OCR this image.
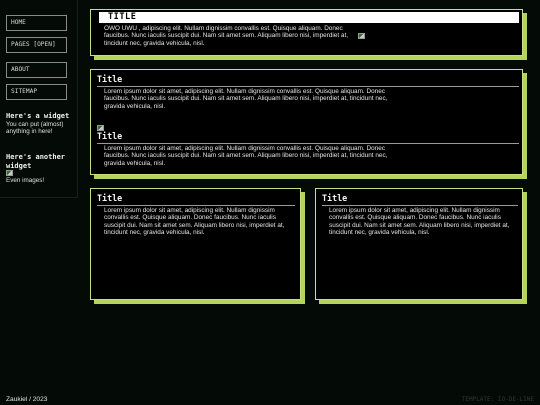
HOME
PAGES [OPEN]
ABOUT
SITEMAP
Here's a widget
You can put (almost) anything in here!
Here's another widget
Even images!
TITLE
OWO UWU , adipiscing elit. Nullam dignissim convallis est. Quisque aliquam. Donec faucibus. Nunc iaculis suscipit dui. Nam sit amet sem. Aliquam libero nisi, imperdiet at, tincidunt nec, gravida vehicula, nisl.
Title
Lorem ipsum dolor sit amet, adipiscing elit. Nullam dignissim convallis est. Quisque aliquam. Donec faucibus. Nunc iaculis suscipit dui. Nam sit amet sem. Aliquam libero nisi, imperdiet at, tincidunt nec, gravida vehicula, nisl.
Title
Lorem ipsum dolor sit amet, adipiscing elit. Nullam dignissim convallis est. Quisque aliquam. Donec faucibus. Nunc iaculis suscipit dui. Nam sit amet sem. Aliquam libero nisi, imperdiet at, tincidunt nec, gravida vehicula, nisl.
Title
Lorem ipsum dolor sit amet, adipiscing elit. Nullam dignissim convallis est. Quisque aliquam. Donec faucibus. Nunc iaculis suscipit dui. Nam sit amet sem. Aliquam libero nisi, imperdiet at, tincidunt nec, gravida vehicula, nisl.
Title
Lorem ipsum dolor sit amet, adipiscing elit. Nullam dignissim convallis est. Quisque aliquam. Donec faucibus. Nunc iaculis suscipit dui. Nam sit amet sem. Aliquam libero nisi, imperdiet at, tincidunt nec, gravida vehicula, nisl.
Zaukiel / 2023	TEMPLATE: IO-DE-LINE
